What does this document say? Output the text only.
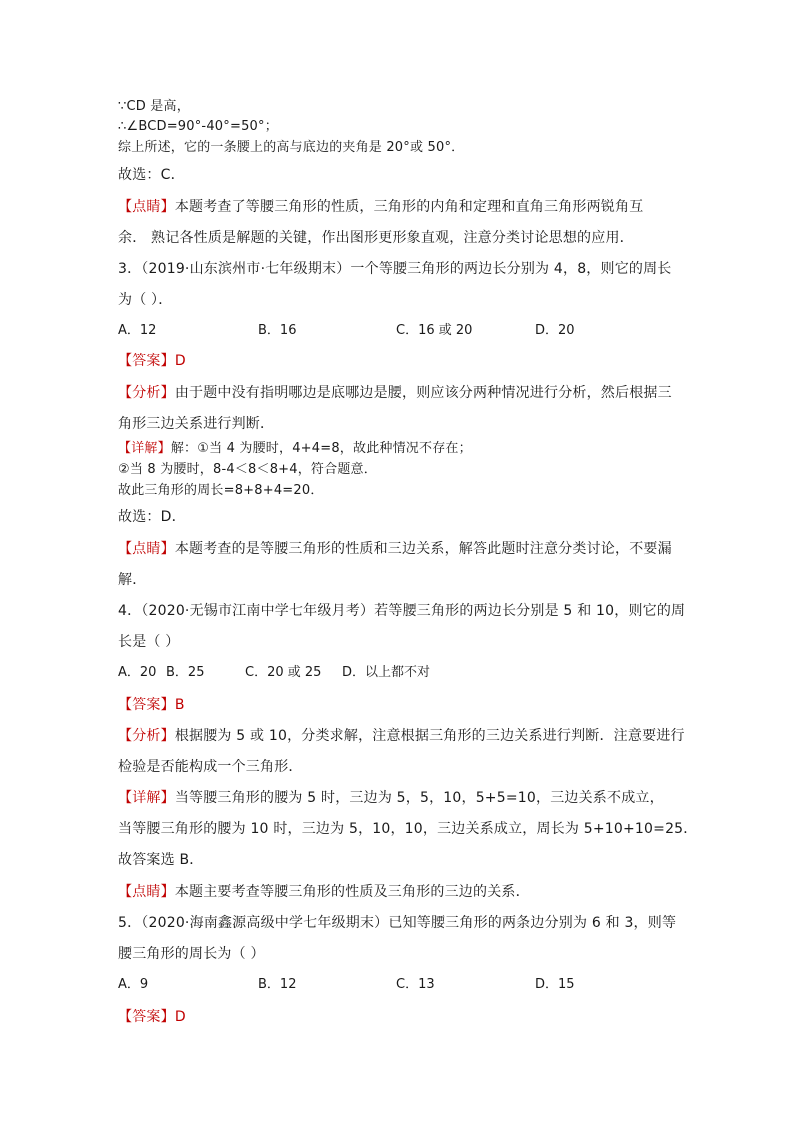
∵CD 是高，
∴∠BCD=90°-40°=50°；
综上所述，它的一条腰上的高与底边的夹角是 20°或 50°．
故选：C．
【点睛】本题考查了等腰三角形的性质，三角形的内角和定理和直角三角形两锐角互
余． 熟记各性质是解题的关键，作出图形更形象直观，注意分类讨论思想的应用．
3．（2019·山东滨州市·七年级期末）一个等腰三角形的两边长分别为 4，8，则它的周长
为（ ）．
A．12	B．16	C．16 或 20	D．20
【答案】D
【分析】由于题中没有指明哪边是底哪边是腰，则应该分两种情况进行分析，然后根据三
角形三边关系进行判断．
【详解】解：①当 4 为腰时，4+4=8，故此种情况不存在；
②当 8 为腰时，8-4＜8＜8+4，符合题意．
故此三角形的周长=8+8+4=20．
故选：D．
【点睛】本题考查的是等腰三角形的性质和三边关系，解答此题时注意分类讨论，不要漏
解．
4．（2020·无锡市江南中学七年级月考）若等腰三角形的两边长分别是 5 和 10，则它的周
长是（ ）
A．20 B．25	C．20 或 25 D．以上都不对
【答案】B
【分析】根据腰为 5 或 10，分类求解，注意根据三角形的三边关系进行判断．注意要进行
检验是否能构成一个三角形．
【详解】当等腰三角形的腰为 5 时，三边为 5，5，10，5+5=10，三边关系不成立，
当等腰三角形的腰为 10 时，三边为 5，10，10，三边关系成立，周长为 5+10+10=25．
故答案选 B．
【点睛】本题主要考查等腰三角形的性质及三角形的三边的关系．
5．（2020·海南鑫源高级中学七年级期末）已知等腰三角形的两条边分别为 6 和 3，则等
腰三角形的周长为（ ）
A．9	B．12	C．13	D．15
【答案】D
